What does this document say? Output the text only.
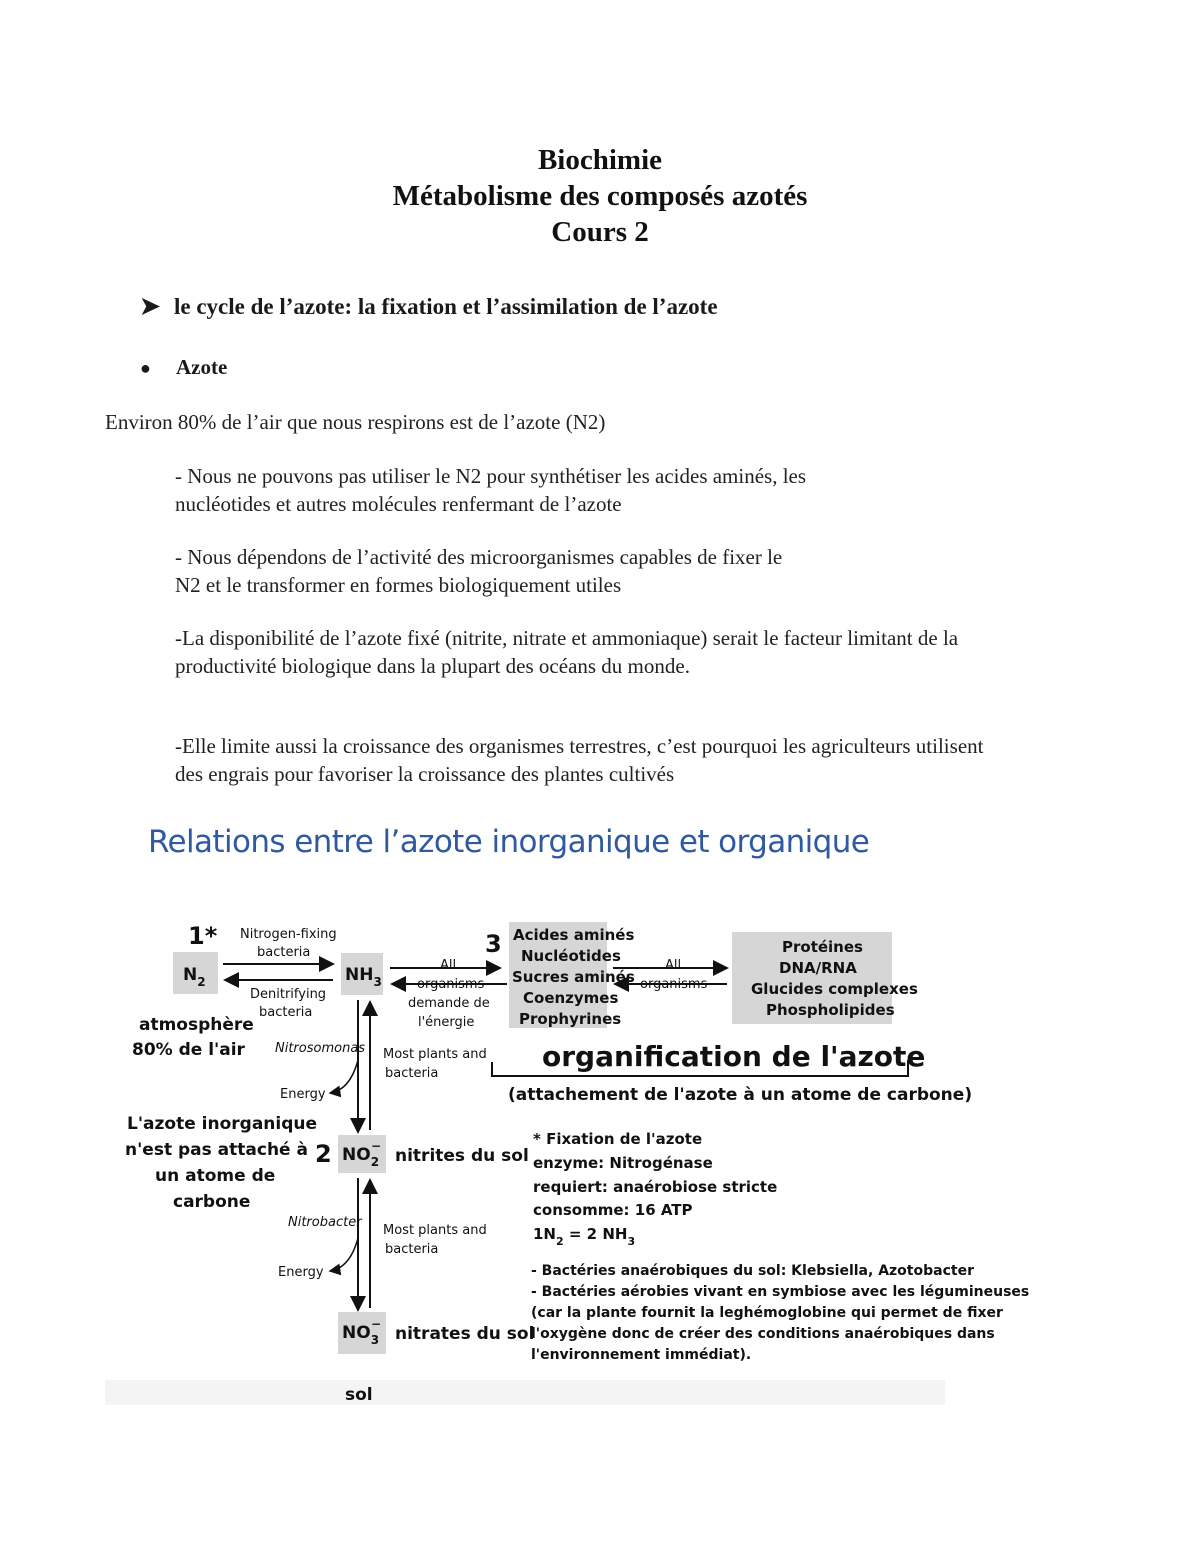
Biochimie
Métabolisme des composés azotés
Cours 2
➤ le cycle de l’azote: la fixation et l’assimilation de l’azote
● Azote
Environ 80% de l’air que nous respirons est de l’azote (N2)
- Nous ne pouvons pas utiliser le N2 pour synthétiser les acides aminés, les
nucléotides et autres molécules renfermant de l’azote
- Nous dépendons de l’activité des microorganismes capables de fixer le
N2 et le transformer en formes biologiquement utiles
-La disponibilité de l’azote fixé (nitrite, nitrate et ammoniaque) serait le facteur limitant de la
productivité biologique dans la plupart des océans du monde.
-Elle limite aussi la croissance des organismes terrestres, c’est pourquoi les agriculteurs utilisent
des engrais pour favoriser la croissance des plantes cultivés
Relations entre l’azote inorganique et organique
1*
$N_2$
Nitrogen-fixing
bacteria
Denitrifying
bacteria
atmosphère
80% de l'air
$NH_3$
All
organisms
demande de
l'énergie
3 Acides aminés
Nucléotides
Sucres aminés
Coenzymes
Prophyrines
All
organisms
Protéines
DNA/RNA
Glucides complexes
Phospholipides
Nitrosomonas
Energy
Most plants and
bacteria
organification de l'azote
(attachement de l'azote à un atome de carbone)
L'azote inorganique
n'est pas attaché à
un atome de
carbone
2 $NO_2-$ nitrites du sol
Nitrobacter
Energy
Most plants and
bacteria
$NO_3-$ nitrates du sol
sol
* Fixation de l'azote
enzyme: Nitrogénase
requiert: anaérobiose stricte
consomme: 16 ATP
$1N_2 = 2$ $NH_3$
- Bactéries anaérobiques du sol: Klebsiella, Azotobacter
- Bactéries aérobies vivant en symbiose avec les légumineuses
(car la plante fournit la leghémoglobine qui permet de fixer
l'oxygène donc de créer des conditions anaérobiques dans
l'environnement immédiat).
